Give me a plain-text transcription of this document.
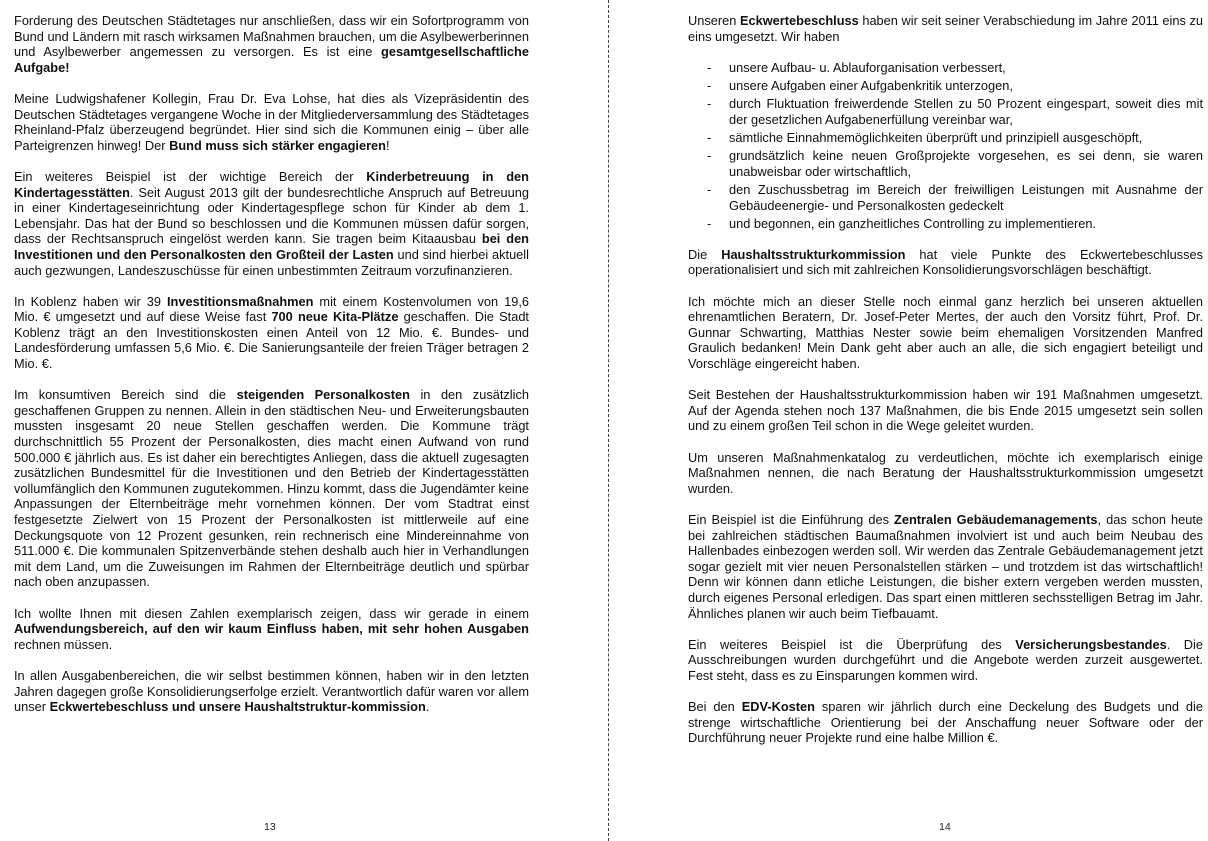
Forderung des Deutschen Städtetages nur anschließen, dass wir ein Sofortprogramm von Bund und Ländern mit rasch wirksamen Maßnahmen brauchen, um die Asylbewerberinnen und Asylbewerber angemessen zu versorgen. Es ist eine gesamtgesellschaftliche Aufgabe!

Meine Ludwigshafener Kollegin, Frau Dr. Eva Lohse, hat dies als Vizepräsidentin des Deutschen Städtetages vergangene Woche in der Mitgliederversammlung des Städtetages Rheinland-Pfalz überzeugend begründet. Hier sind sich die Kommunen einig – über alle Parteigrenzen hinweg! Der Bund muss sich stärker engagieren!

Ein weiteres Beispiel ist der wichtige Bereich der Kinderbetreuung in den Kindertagesstätten. Seit August 2013 gilt der bundesrechtliche Anspruch auf Betreuung in einer Kindertageseinrichtung oder Kindertagespflege schon für Kinder ab dem 1. Lebensjahr. Das hat der Bund so beschlossen und die Kommunen müssen dafür sorgen, dass der Rechtsanspruch eingelöst werden kann. Sie tragen beim Kitaausbau bei den Investitionen und den Personalkosten den Großteil der Lasten und sind hierbei aktuell auch gezwungen, Landeszuschüsse für einen unbestimmten Zeitraum vorzufinanzieren.

In Koblenz haben wir 39 Investitionsmaßnahmen mit einem Kostenvolumen von 19,6 Mio. € umgesetzt und auf diese Weise fast 700 neue Kita-Plätze geschaffen. Die Stadt Koblenz trägt an den Investitionskosten einen Anteil von 12 Mio. €. Bundes- und Landesförderung umfassen 5,6 Mio. €. Die Sanierungsanteile der freien Träger betragen 2 Mio. €.

Im konsumtiven Bereich sind die steigenden Personalkosten in den zusätzlich geschaffenen Gruppen zu nennen. Allein in den städtischen Neu- und Erweiterungsbauten mussten insgesamt 20 neue Stellen geschaffen werden. Die Kommune trägt durchschnittlich 55 Prozent der Personalkosten, dies macht einen Aufwand von rund 500.000 € jährlich aus. Es ist daher ein berechtigtes Anliegen, dass die aktuell zugesagten zusätzlichen Bundesmittel für die Investitionen und den Betrieb der Kindertagesstätten vollumfänglich den Kommunen zugutekommen. Hinzu kommt, dass die Jugendämter keine Anpassungen der Elternbeiträge mehr vornehmen können. Der vom Stadtrat einst festgesetzte Zielwert von 15 Prozent der Personalkosten ist mittlerweile auf eine Deckungsquote von 12 Prozent gesunken, rein rechnerisch eine Mindereinnahme von 511.000 €. Die kommunalen Spitzenverbände stehen deshalb auch hier in Verhandlungen mit dem Land, um die Zuweisungen im Rahmen der Elternbeiträge deutlich und spürbar nach oben anzupassen.

Ich wollte Ihnen mit diesen Zahlen exemplarisch zeigen, dass wir gerade in einem Aufwendungsbereich, auf den wir kaum Einfluss haben, mit sehr hohen Ausgaben rechnen müssen.

In allen Ausgabenbereichen, die wir selbst bestimmen können, haben wir in den letzten Jahren dagegen große Konsolidierungserfolge erzielt. Verantwortlich dafür waren vor allem unser Eckwertebeschluss und unsere Haushaltstruktur-kommission.

13

Unseren Eckwertebeschluss haben wir seit seiner Verabschiedung im Jahre 2011 eins zu eins umgesetzt. Wir haben

- unsere Aufbau- u. Ablauforganisation verbessert,
- unsere Aufgaben einer Aufgabenkritik unterzogen,
- durch Fluktuation freiwerdende Stellen zu 50 Prozent eingespart, soweit dies mit der gesetzlichen Aufgabenerfüllung vereinbar war,
- sämtliche Einnahmemöglichkeiten überprüft und prinzipiell ausgeschöpft,
- grundsätzlich keine neuen Großprojekte vorgesehen, es sei denn, sie waren unabweisbar oder wirtschaftlich,
- den Zuschussbetrag im Bereich der freiwilligen Leistungen mit Ausnahme der Gebäudeenergie- und Personalkosten gedeckelt
- und begonnen, ein ganzheitliches Controlling zu implementieren.

Die Haushaltsstrukturkommission hat viele Punkte des Eckwertebeschlusses operationalisiert und sich mit zahlreichen Konsolidierungsvorschlägen beschäftigt.

Ich möchte mich an dieser Stelle noch einmal ganz herzlich bei unseren aktuellen ehrenamtlichen Beratern, Dr. Josef-Peter Mertes, der auch den Vorsitz führt, Prof. Dr. Gunnar Schwarting, Matthias Nester sowie beim ehemaligen Vorsitzenden Manfred Graulich bedanken! Mein Dank geht aber auch an alle, die sich engagiert beteiligt und Vorschläge eingereicht haben.

Seit Bestehen der Haushaltsstrukturkommission haben wir 191 Maßnahmen umgesetzt. Auf der Agenda stehen noch 137 Maßnahmen, die bis Ende 2015 umgesetzt sein sollen und zu einem großen Teil schon in die Wege geleitet wurden.

Um unseren Maßnahmenkatalog zu verdeutlichen, möchte ich exemplarisch einige Maßnahmen nennen, die nach Beratung der Haushaltsstrukturkommission umgesetzt wurden.

Ein Beispiel ist die Einführung des Zentralen Gebäudemanagements, das schon heute bei zahlreichen städtischen Baumaßnahmen involviert ist und auch beim Neubau des Hallenbades einbezogen werden soll. Wir werden das Zentrale Gebäudemanagement jetzt sogar gezielt mit vier neuen Personalstellen stärken – und trotzdem ist das wirtschaftlich! Denn wir können dann etliche Leistungen, die bisher extern vergeben werden mussten, durch eigenes Personal erledigen. Das spart einen mittleren sechsstelligen Betrag im Jahr. Ähnliches planen wir auch beim Tiefbauamt.

Ein weiteres Beispiel ist die Überprüfung des Versicherungsbestandes. Die Ausschreibungen wurden durchgeführt und die Angebote werden zurzeit ausgewertet. Fest steht, dass es zu Einsparungen kommen wird.

Bei den EDV-Kosten sparen wir jährlich durch eine Deckelung des Budgets und die strenge wirtschaftliche Orientierung bei der Anschaffung neuer Software oder der Durchführung neuer Projekte rund eine halbe Million €.

14
